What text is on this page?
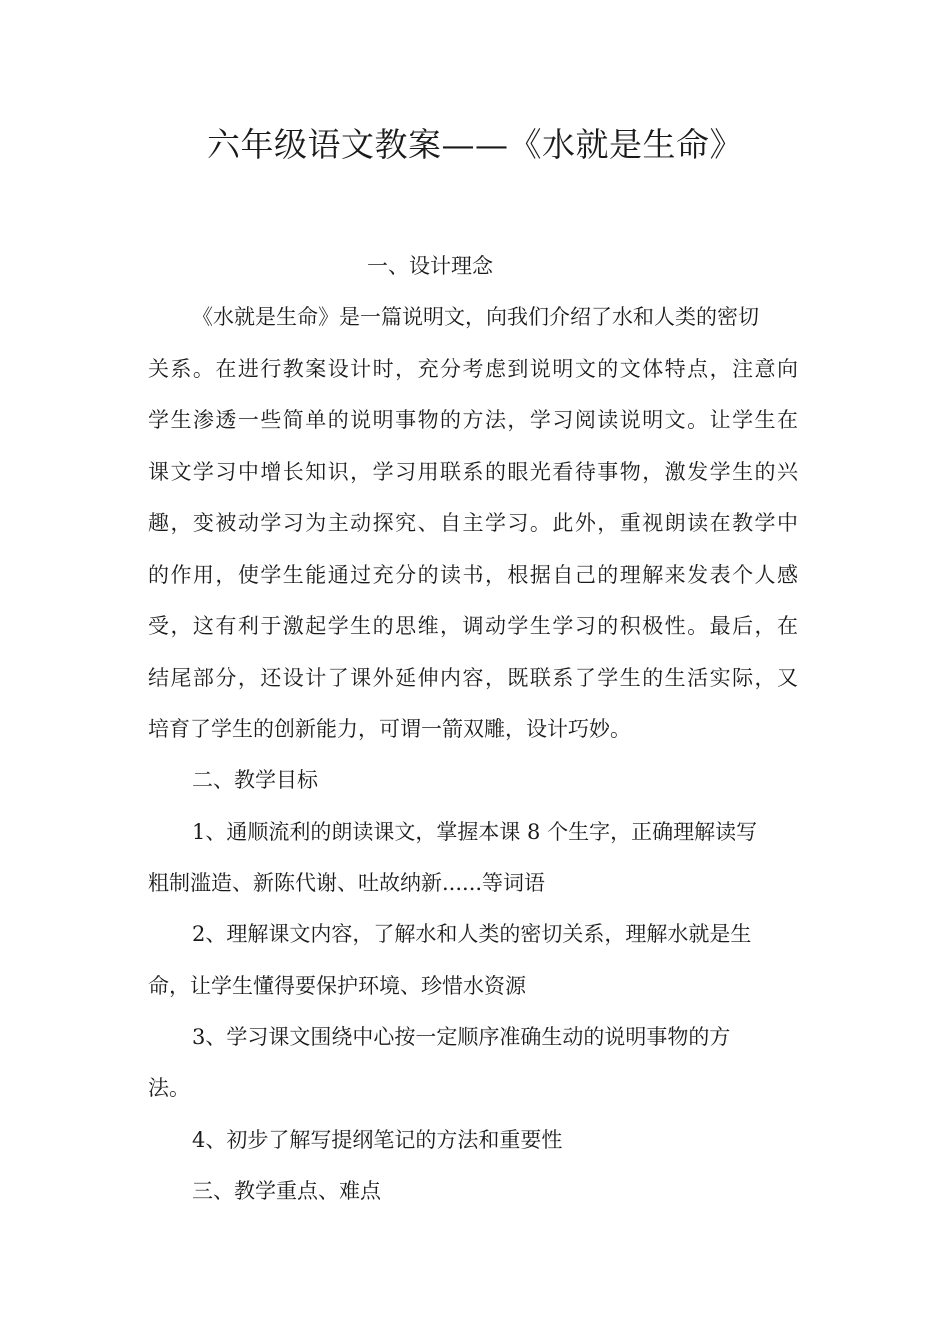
六年级语文教案——《水就是生命》
一、设计理念
《水就是生命》是一篇说明文，向我们介绍了水和人类的密切
关系。在进行教案设计时，充分考虑到说明文的文体特点，注意向
学生渗透一些简单的说明事物的方法，学习阅读说明文。让学生在
课文学习中增长知识，学习用联系的眼光看待事物，激发学生的兴
趣，变被动学习为主动探究、自主学习。此外，重视朗读在教学中
的作用，使学生能通过充分的读书，根据自己的理解来发表个人感
受，这有利于激起学生的思维，调动学生学习的积极性。最后，在
结尾部分，还设计了课外延伸内容，既联系了学生的生活实际，又
培育了学生的创新能力，可谓一箭双雕，设计巧妙。
二、教学目标
1、通顺流利的朗读课文，掌握本课 8 个生字，正确理解读写
粗制滥造、新陈代谢、吐故纳新......等词语
2、理解课文内容，了解水和人类的密切关系，理解水就是生
命，让学生懂得要保护环境、珍惜水资源
3、学习课文围绕中心按一定顺序准确生动的说明事物的方
法。
4、初步了解写提纲笔记的方法和重要性
三、教学重点、难点
